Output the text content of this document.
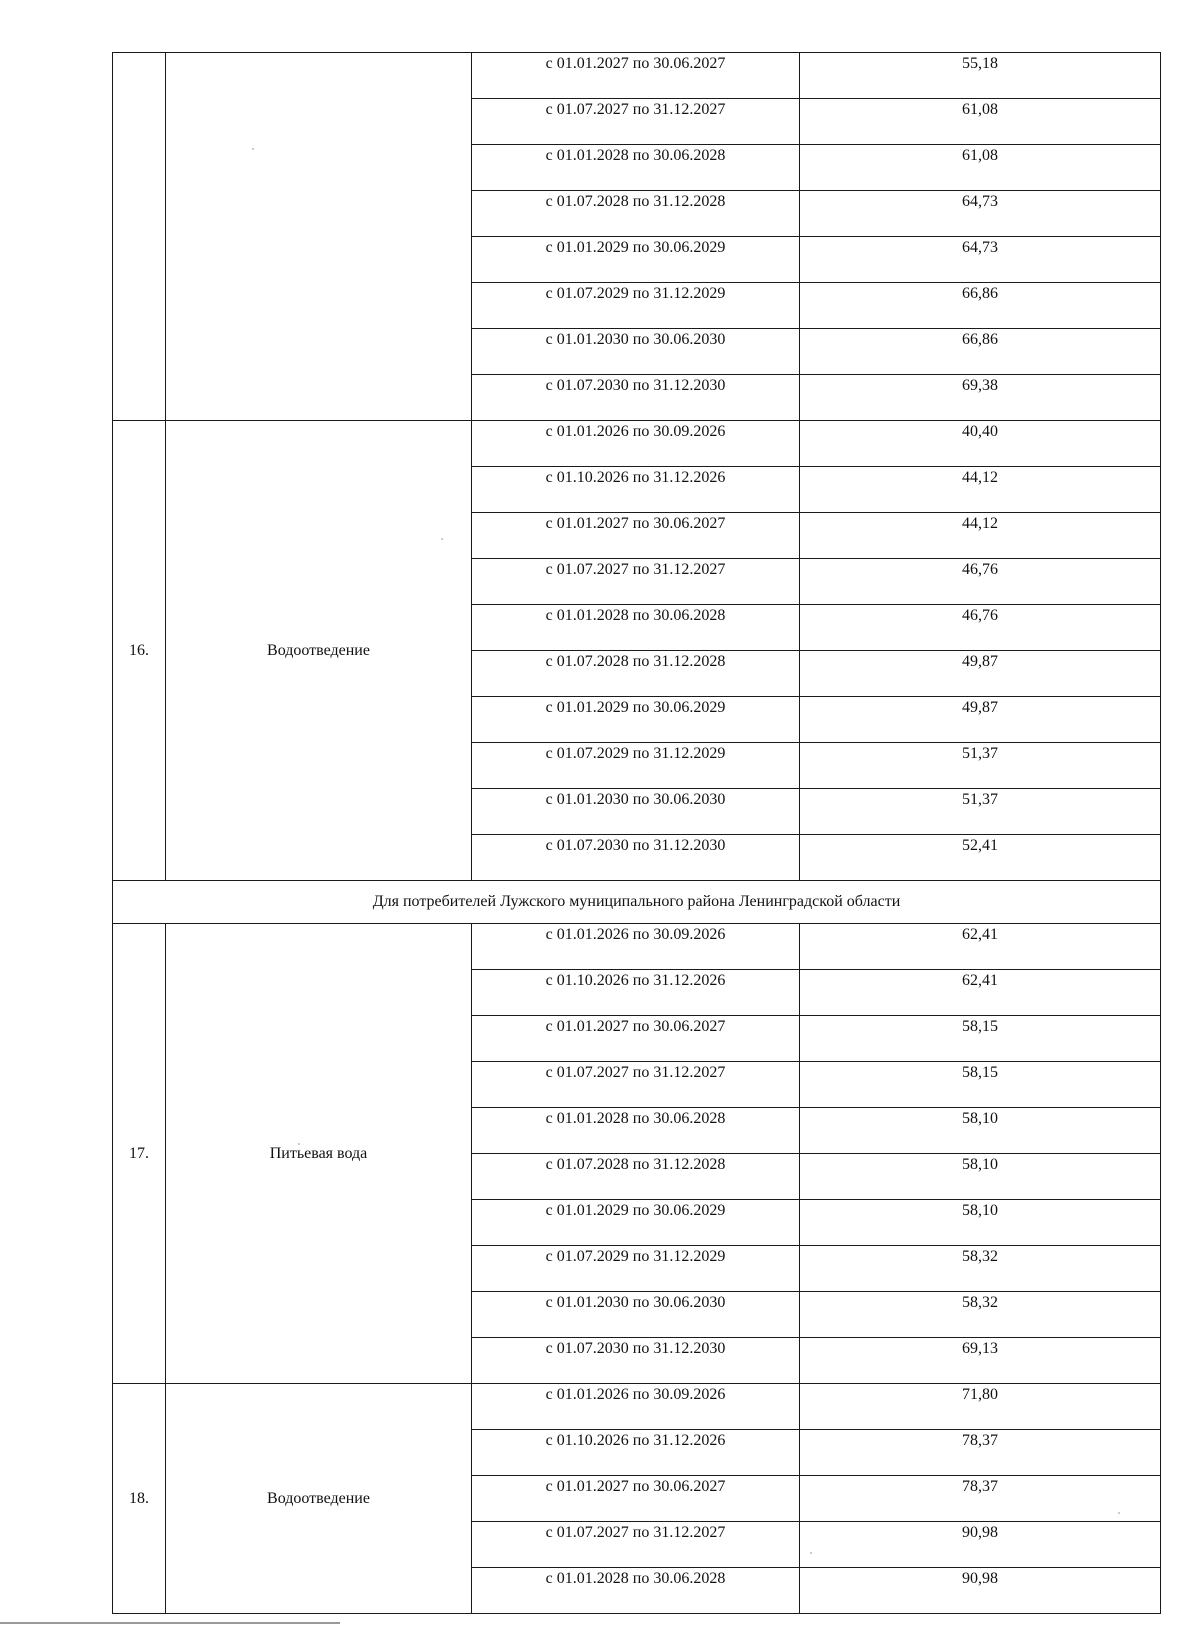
		с 01.01.2027 по 30.06.2027	55,18
		с 01.07.2027 по 31.12.2027	61,08
		с 01.01.2028 по 30.06.2028	61,08
		с 01.07.2028 по 31.12.2028	64,73
		с 01.01.2029 по 30.06.2029	64,73
		с 01.07.2029 по 31.12.2029	66,86
		с 01.01.2030 по 30.06.2030	66,86
		с 01.07.2030 по 31.12.2030	69,38
16.	Водоотведение	с 01.01.2026 по 30.09.2026	40,40
		с 01.10.2026 по 31.12.2026	44,12
		с 01.01.2027 по 30.06.2027	44,12
		с 01.07.2027 по 31.12.2027	46,76
		с 01.01.2028 по 30.06.2028	46,76
		с 01.07.2028 по 31.12.2028	49,87
		с 01.01.2029 по 30.06.2029	49,87
		с 01.07.2029 по 31.12.2029	51,37
		с 01.01.2030 по 30.06.2030	51,37
		с 01.07.2030 по 31.12.2030	52,41
Для потребителей Лужского муниципального района Ленинградской области			
17.	Питьевая вода	с 01.01.2026 по 30.09.2026	62,41
		с 01.10.2026 по 31.12.2026	62,41
		с 01.01.2027 по 30.06.2027	58,15
		с 01.07.2027 по 31.12.2027	58,15
		с 01.01.2028 по 30.06.2028	58,10
		с 01.07.2028 по 31.12.2028	58,10
		с 01.01.2029 по 30.06.2029	58,10
		с 01.07.2029 по 31.12.2029	58,32
		с 01.01.2030 по 30.06.2030	58,32
		с 01.07.2030 по 31.12.2030	69,13
18.	Водоотведение	с 01.01.2026 по 30.09.2026	71,80
		с 01.10.2026 по 31.12.2026	78,37
		с 01.01.2027 по 30.06.2027	78,37
		с 01.07.2027 по 31.12.2027	90,98
		с 01.01.2028 по 30.06.2028	90,98
